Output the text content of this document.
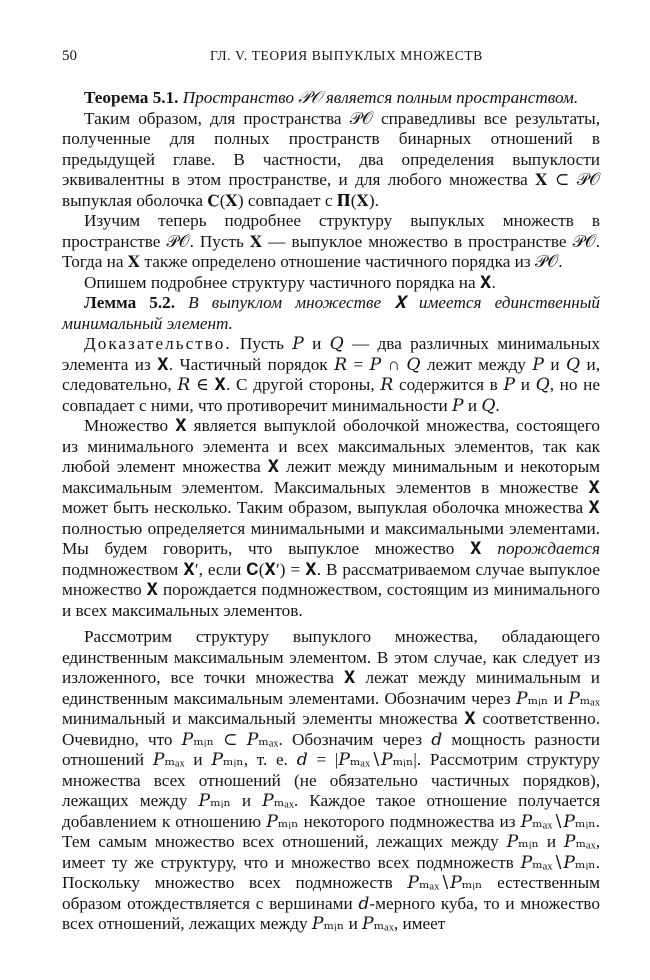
50	ГЛ. V. ТЕОРИЯ ВЫПУКЛЫХ МНОЖЕСТВ

Теорема 5.1. Пространство 𝒫𝒪 является полным пространством.

Таким образом, для пространства 𝒫𝒪 справедливы все результаты, полученные для полных пространств бинарных отношений в предыдущей главе. В частности, два определения выпуклости эквивалентны в этом пространстве, и для любого множества 𝐗 ⊂ 𝒫𝒪 выпуклая оболочка 𝐂(𝐗) совпадает с 𝚷(𝐗).

Изучим теперь подробнее структуру выпуклых множеств в пространстве 𝒫𝒪. Пусть 𝐗 — выпуклое множество в пространстве 𝒫𝒪. Тогда на 𝐗 также определено отношение частичного порядка из 𝒫𝒪.

Опишем подробнее структуру частичного порядка на 𝐗.

Лемма 5.2. В выпуклом множестве 𝐗 имеется единственный минимальный элемент.

Доказательство. Пусть 𝑃 и 𝑄 — два различных минимальных элемента из 𝐗. Частичный порядок 𝑅 = 𝑃 ∩ 𝑄 лежит между 𝑃 и 𝑄 и, следовательно, 𝑅 ∈ 𝐗. С другой стороны, 𝑅 содержится в 𝑃 и 𝑄, но не совпадает с ними, что противоречит минимальности 𝑃 и 𝑄.

Множество 𝐗 является выпуклой оболочкой множества, состоящего из минимального элемента и всех максимальных элементов, так как любой элемент множества 𝐗 лежит между минимальным и некоторым максимальным элементом. Максимальных элементов в множестве 𝐗 может быть несколько. Таким образом, выпуклая оболочка множества 𝐗 полностью определяется минимальными и максимальными элементами. Мы будем говорить, что выпуклое множество 𝐗 порождается подмножеством 𝐗′, если 𝐂(𝐗′) = 𝐗. В рассматриваемом случае выпуклое множество 𝐗 порождается подмножеством, состоящим из минимального и всех максимальных элементов.

Рассмотрим структуру выпуклого множества, обладающего единственным максимальным элементом. В этом случае, как следует из изложенного, все точки множества 𝐗 лежат между минимальным и единственным максимальным элементами. Обозначим через 𝑃ₘᵢₙ и 𝑃ₘₐₓ минимальный и максимальный элементы множества 𝐗 соответственно. Очевидно, что 𝑃ₘᵢₙ ⊂ 𝑃ₘₐₓ. Обозначим через 𝑑 мощность разности отношений 𝑃ₘₐₓ и 𝑃ₘᵢₙ, т. е. 𝑑 = |𝑃ₘₐₓ∖𝑃ₘᵢₙ|. Рассмотрим структуру множества всех отношений (не обязательно частичных порядков), лежащих между 𝑃ₘᵢₙ и 𝑃ₘₐₓ. Каждое такое отношение получается добавлением к отношению 𝑃ₘᵢₙ некоторого подмножества из 𝑃ₘₐₓ∖𝑃ₘᵢₙ. Тем самым множество всех отношений, лежащих между 𝑃ₘᵢₙ и 𝑃ₘₐₓ, имеет ту же структуру, что и множество всех подмножеств 𝑃ₘₐₓ∖𝑃ₘᵢₙ. Поскольку множество всех подмножеств 𝑃ₘₐₓ∖𝑃ₘᵢₙ естественным образом отождествляется с вершинами 𝑑-мерного куба, то и множество всех отношений, лежащих между 𝑃ₘᵢₙ и 𝑃ₘₐₓ, имеет
